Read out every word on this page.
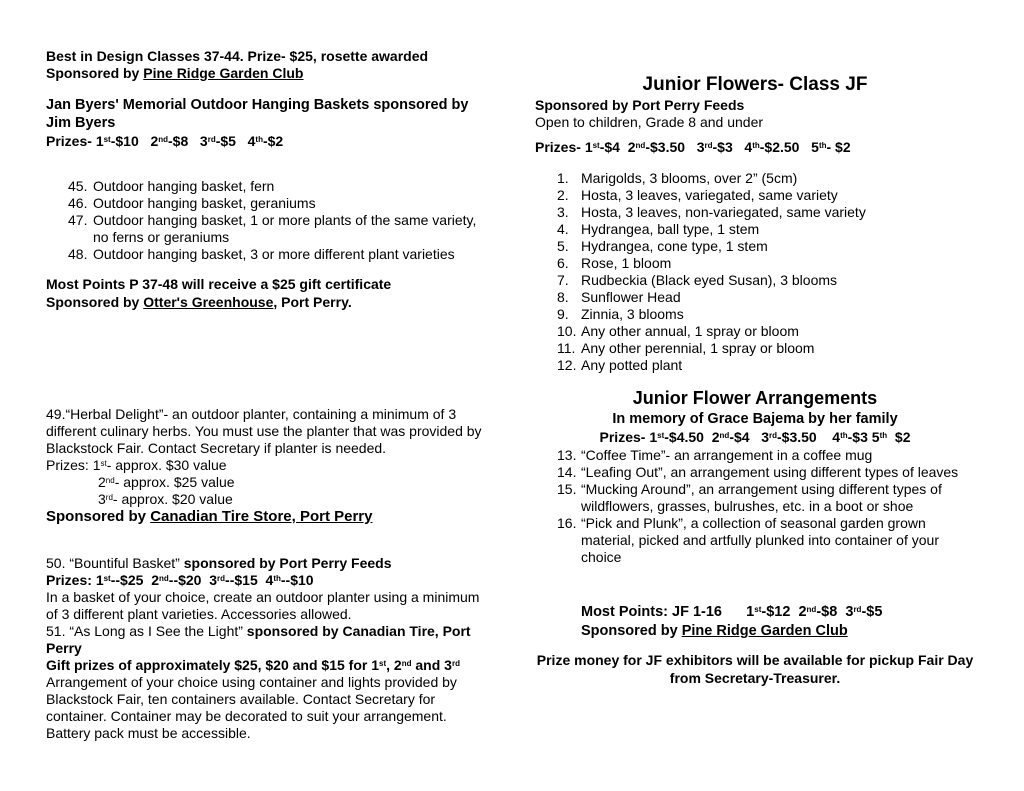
Best in Design Classes 37-44. Prize- $25, rosette awarded

Sponsored by Pine Ridge Garden Club

Jan Byers' Memorial Outdoor Hanging Baskets sponsored by

Jim Byers

Prizes- 1st-$10 2nd-$8 3rd-$5 4th-$2

45. Outdoor hanging basket, fern
46. Outdoor hanging basket, geraniums
47. Outdoor hanging basket, 1 or more plants of the same variety, no ferns or geraniums
48. Outdoor hanging basket, 3 or more different plant varieties

Most Points P 37-48 will receive a $25 gift certificate

Sponsored by Otter's Greenhouse, Port Perry.

49.“Herbal Delight”- an outdoor planter, containing a minimum of 3 different culinary herbs. You must use the planter that was provided by Blackstock Fair. Contact Secretary if planter is needed.

Prizes: 1st- approx. $30 value

2nd- approx. $25 value

3rd- approx. $20 value

Sponsored by Canadian Tire Store, Port Perry

50. “Bountiful Basket” sponsored by Port Perry Feeds

Prizes: 1st--$25 2nd--$20 3rd--$15 4th--$10

In a basket of your choice, create an outdoor planter using a minimum of 3 different plant varieties. Accessories allowed.

51. “As Long as I See the Light” sponsored by Canadian Tire, Port Perry

Gift prizes of approximately $25, $20 and $15 for 1st, 2nd and 3rd

Arrangement of your choice using container and lights provided by Blackstock Fair, ten containers available. Contact Secretary for container. Container may be decorated to suit your arrangement. Battery pack must be accessible.

Junior Flowers- Class JF

Sponsored by Port Perry Feeds

Open to children, Grade 8 and under

Prizes- 1st-$4 2nd-$3.50 3rd-$3 4th-$2.50 5th- $2

1. Marigolds, 3 blooms, over 2” (5cm)
2. Hosta, 3 leaves, variegated, same variety
3. Hosta, 3 leaves, non-variegated, same variety
4. Hydrangea, ball type, 1 stem
5. Hydrangea, cone type, 1 stem
6. Rose, 1 bloom
7. Rudbeckia (Black eyed Susan), 3 blooms
8. Sunflower Head
9. Zinnia, 3 blooms
10. Any other annual, 1 spray or bloom
11. Any other perennial, 1 spray or bloom
12. Any potted plant

Junior Flower Arrangements

In memory of Grace Bajema by her family

Prizes- 1st-$4.50 2nd-$4 3rd-$3.50 4th-$3 5th $2

13. “Coffee Time”- an arrangement in a coffee mug
14. “Leafing Out”, an arrangement using different types of leaves
15. “Mucking Around”, an arrangement using different types of wildflowers, grasses, bulrushes, etc. in a boot or shoe
16. “Pick and Plunk”, a collection of seasonal garden grown material, picked and artfully plunked into container of your choice

Most Points: JF 1-16 1st-$12 2nd-$8 3rd-$5

Sponsored by Pine Ridge Garden Club

Prize money for JF exhibitors will be available for pickup Fair Day from Secretary-Treasurer.
